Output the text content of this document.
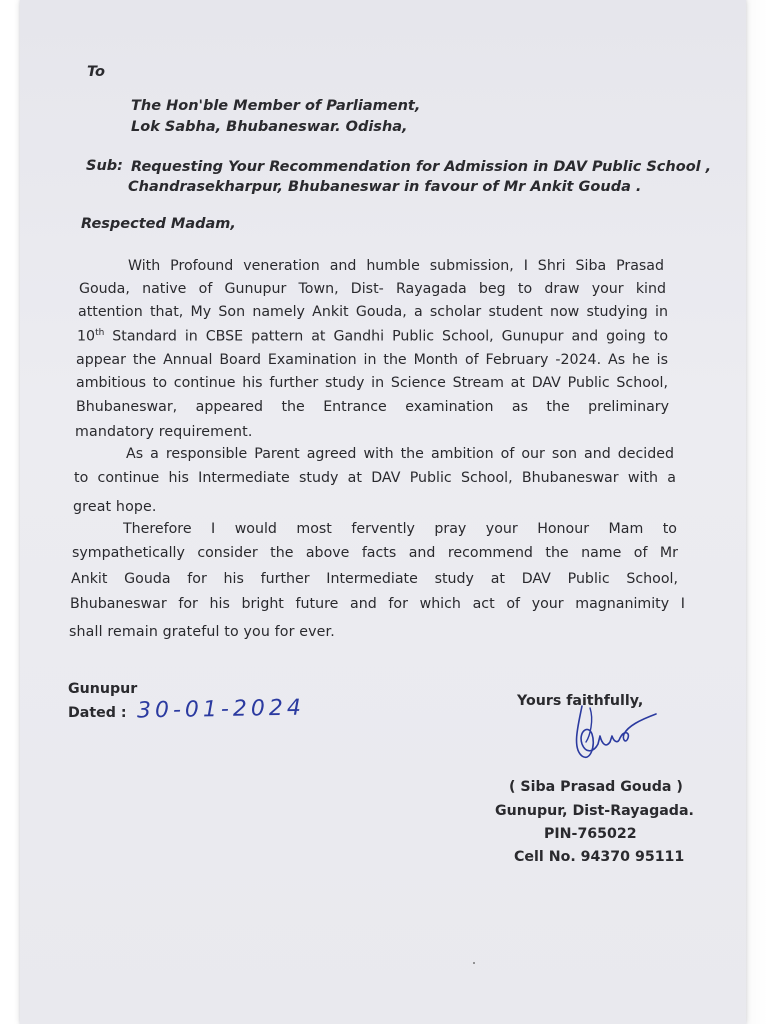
To
The Hon'ble Member of Parliament,
Lok Sabha, Bhubaneswar. Odisha,
Sub: Requesting Your Recommendation for Admission in DAV Public School ,
Chandrasekharpur, Bhubaneswar in favour of Mr Ankit Gouda .
Respected Madam,
With Profound veneration and humble submission, I Shri Siba Prasad
Gouda, native of Gunupur Town, Dist- Rayagada beg to draw your kind
attention that, My Son namely Ankit Gouda, a scholar student now studying in
10th Standard in CBSE pattern at Gandhi Public School, Gunupur and going to
appear the Annual Board Examination in the Month of February -2024. As he is
ambitious to continue his further study in Science Stream at DAV Public School,
Bhubaneswar, appeared the Entrance examination as the preliminary
mandatory requirement.
As a responsible Parent agreed with the ambition of our son and decided
to continue his Intermediate study at DAV Public School, Bhubaneswar with a
great hope.
Therefore I would most fervently pray your Honour Mam to
sympathetically consider the above facts and recommend the name of Mr
Ankit Gouda for his further Intermediate study at DAV Public School,
Bhubaneswar for his bright future and for which act of your magnanimity I
shall remain grateful to you for ever.
Gunupur
Dated : 30-01-2024	Yours faithfully,
( Siba Prasad Gouda )
Gunupur, Dist-Rayagada.
PIN-765022
Cell No. 94370 95111
